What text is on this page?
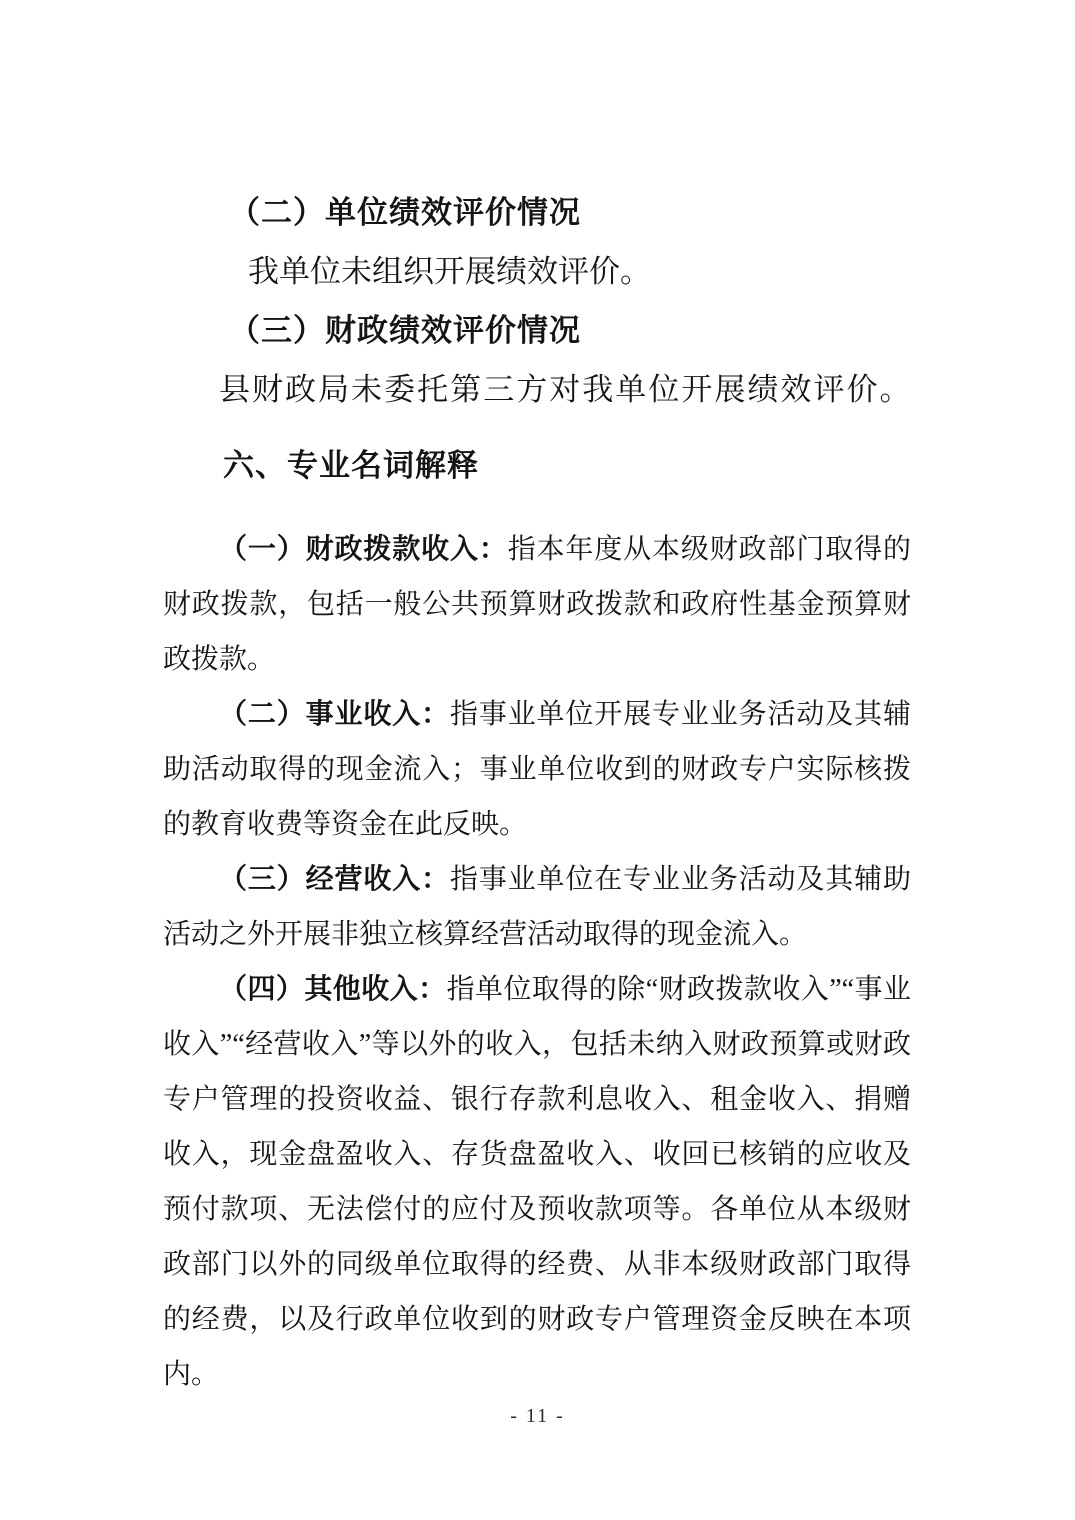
（二）单位绩效评价情况

我单位未组织开展绩效评价。

（三）财政绩效评价情况

县财政局未委托第三方对我单位开展绩效评价。

六、专业名词解释

（一）财政拨款收入：指本年度从本级财政部门取得的财政拨款，包括一般公共预算财政拨款和政府性基金预算财政拨款。

（二）事业收入：指事业单位开展专业业务活动及其辅助活动取得的现金流入；事业单位收到的财政专户实际核拨的教育收费等资金在此反映。

（三）经营收入：指事业单位在专业业务活动及其辅助活动之外开展非独立核算经营活动取得的现金流入。

（四）其他收入：指单位取得的除“财政拨款收入”“事业收入”“经营收入”等以外的收入，包括未纳入财政预算或财政专户管理的投资收益、银行存款利息收入、租金收入、捐赠收入，现金盘盈收入、存货盘盈收入、收回已核销的应收及预付款项、无法偿付的应付及预收款项等。各单位从本级财政部门以外的同级单位取得的经费、从非本级财政部门取得的经费，以及行政单位收到的财政专户管理资金反映在本项内。

- 11 -
